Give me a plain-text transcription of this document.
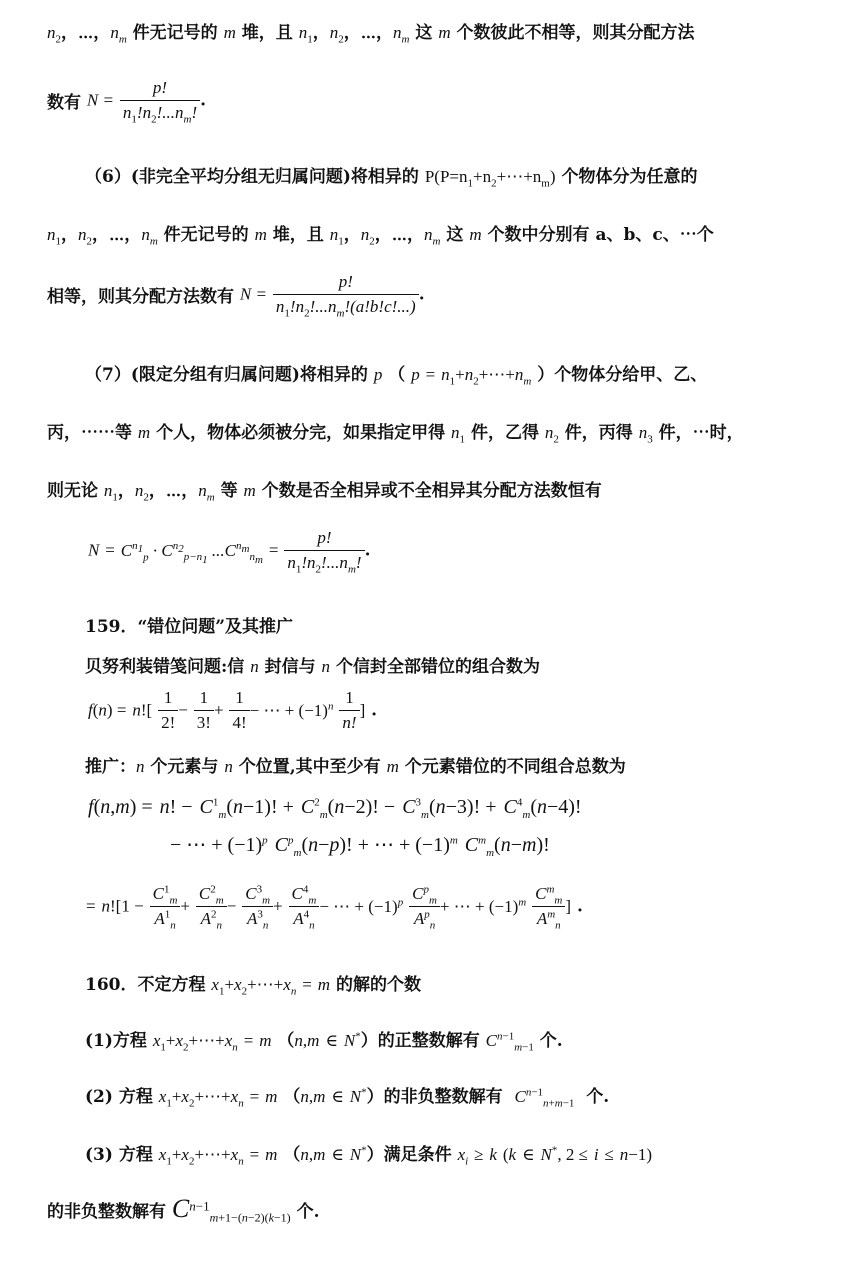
$n_2$，⋯，$n_m$ 件无记号的 m 堆，且 $n_1$，$n_2$，⋯，$n_m$ 这 m 个数彼此不相等，则其分配方法
数有 $N = \frac{p!}{n_1!n_2!...n_m!}$ .
（6）(非完全平均分组无归属问题)将相异的 $P(P=n_1+n_2+\cdots+n_m)$ 个物体分为任意的
$n_1$，$n_2$，⋯，$n_m$ 件无记号的 m 堆，且 $n_1$，$n_2$，⋯，$n_m$ 这 m 个数中分别有 a、b、c、⋯个
相等，则其分配方法数有 $N = \frac{p!}{n_1!n_2!...n_m!(a!b!c!...)}$ .
（7）(限定分组有归属问题)将相异的 p （ $p = n_1+n_2+\cdots+n_m$ ）个物体分给甲、乙、
丙，⋯⋯等 m 个人，物体必须被分完，如果指定甲得 $n_1$ 件，乙得 $n_2$ 件，丙得 $n_3$ 件，⋯时，
则无论 $n_1$，$n_2$，⋯，$n_m$ 等 m 个数是否全相异或不全相异其分配方法数恒有
$N = C^{n_1}_p \cdot C^{n_2}_{p-n_1}$ $...C^{n_m}_{n_m} = \frac{p!}{n_1!n_2!...n_m!}$ .
159．“错位问题”及其推广
贝努利装错笺问题:信 n 封信与 n 个信封全部错位的组合数为
$f(n) = n![ \frac{1}{2!} - \frac{1}{3!} + \frac{1}{4!}$ − ⋯ + $(-1)^n \frac{1}{n!}$ ] .
推广：n 个元素与 n 个位置,其中至少有 m 个元素错位的不同组合总数为
f(n,m) = n! − $C^1_m(n-1)$! + $C^2_m(n-2)$! − $C^3_m(n-3)$! + $C^4_m(n-4)$!
− ⋯ + $(-1)^p$ $C^p_m(n-p)$! + ⋯ + $(-1)^m$ $C^m_m(n-m)$!
= $n![1 - \frac{C^1_m}{A^1_n} + \frac{C^2_m}{A^2_n} - \frac{C^3_m}{A^3_n} + \frac{C^4_m}{A^4_n}$ − ⋯ + $(-1)^p \frac{C^p_m}{A^p_n}$ + ⋯ + $(-1)^m \frac{C^m_m}{A^m_n}$ ] .
160．不定方程 $x_1+x_2+\cdots+x_n = m$ 的解的个数
(1)方程 $x_1+x_2+\cdots+x_n = m$ （n,m ∈ N*）的正整数解有 $C^{n-1}_{m-1}$ 个.
(2) 方程 $x_1+x_2+\cdots+x_n = m$ （n,m ∈ N*）的非负整数解有  $C^{n-1}_{n+m-1}$  个.
(3) 方程 $x_1+x_2+\cdots+x_n = m$ （n,m ∈ N*）满足条件 $x_i \ge k$ (k ∈ N*, 2 ≤ i ≤ n−1)
的非负整数解有 $C^{n-1}_{m+1-(n-2)(k-1)}$ 个.
